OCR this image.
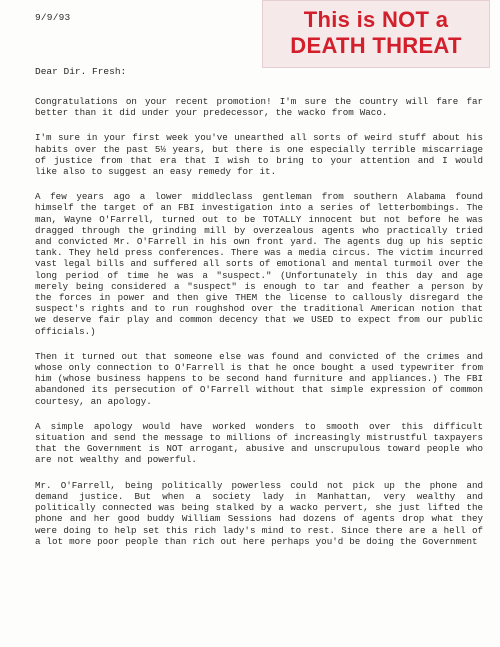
9/9/93	This is NOT a
DEATH THREAT
Dear Dir. Fresh:

Congratulations on your recent promotion! I'm sure the country will fare far better than it did under your predecessor, the wacko from Waco.

I'm sure in your first week you've unearthed all sorts of weird stuff about his habits over the past 5½ years, but there is one especially terrible miscarriage of justice from that era that I wish to bring to your attention and I would like also to suggest an easy remedy for it.

A few years ago a lower middleclass gentleman from southern Alabama found himself the target of an FBI investigation into a series of letterbombings. The man, Wayne O'Farrell, turned out to be TOTALLY innocent but not before he was dragged through the grinding mill by overzealous agents who practically tried and convicted Mr. O'Farrell in his own front yard. The agents dug up his septic tank. They held press conferences. There was a media circus. The victim incurred vast legal bills and suffered all sorts of emotional and mental turmoil over the long period of time he was a "suspect." (Unfortunately in this day and age merely being considered a "suspect" is enough to tar and feather a person by the forces in power and then give THEM the license to callously disregard the suspect's rights and to run roughshod over the traditional American notion that we deserve fair play and common decency that we USED to expect from our public officials.)

Then it turned out that someone else was found and convicted of the crimes and whose only connection to O'Farrell is that he once bought a used typewriter from him (whose business happens to be second hand furniture and appliances.) The FBI abandoned its persecution of O'Farrell without that simple expression of common courtesy, an apology.

A simple apology would have worked wonders to smooth over this difficult situation and send the message to millions of increasingly mistrustful taxpayers that the Government is NOT arrogant, abusive and unscrupulous toward people who are not wealthy and powerful.

Mr. O'Farrell, being politically powerless could not pick up the phone and demand justice. But when a society lady in Manhattan, very wealthy and politically connected was being stalked by a wacko pervert, she just lifted the phone and her good buddy William Sessions had dozens of agents drop what they were doing to help set this rich lady's mind to rest. Since there are a hell of a lot more poor people than rich out here perhaps you'd be doing the Government
